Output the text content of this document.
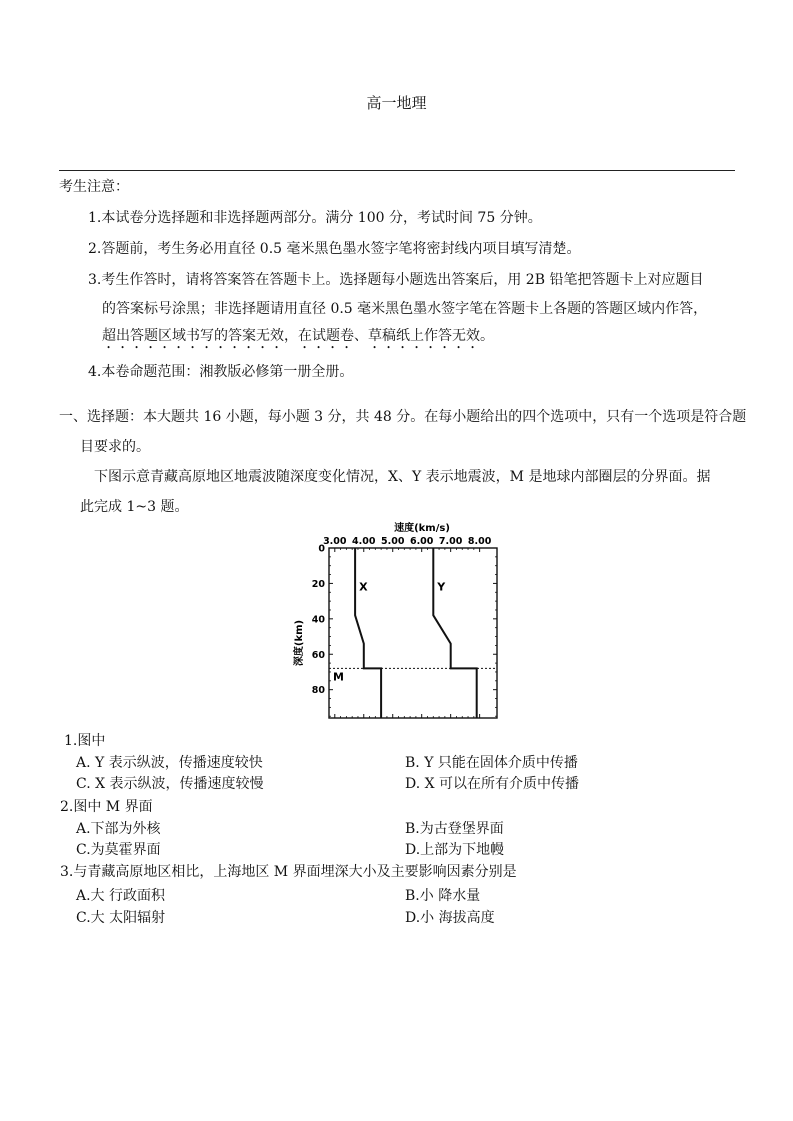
高一地理
考生注意：
1.本试卷分选择题和非选择题两部分。满分 100 分，考试时间 75 分钟。
2.答题前，考生务必用直径 0.5 毫米黑色墨水签字笔将密封线内项目填写清楚。
3.考生作答时，请将答案答在答题卡上。选择题每小题选出答案后，用 2B 铅笔把答题卡上对应题目
的答案标号涂黑；非选择题请用直径 0.5 毫米黑色墨水签字笔在答题卡上各题的答题区域内作答，
超出答题区域书写的答案无效，在试题卷、草稿纸上作答无效。
4.本卷命题范围：湘教版必修第一册全册。
一、选择题：本大题共 16 小题，每小题 3 分，共 48 分。在每小题给出的四个选项中，只有一个选项是符合题
目要求的。
下图示意青藏高原地区地震波随深度变化情况，X、Y 表示地震波，M 是地球内部圈层的分界面。据
此完成 1~3 题。
速度(km/s)
深度(km)
3.00 4.00 5.00 6.00 7.00 8.00
0
20
40
60
80
M
X	Y
1.图中
A. Y 表示纵波，传播速度较快	B. Y 只能在固体介质中传播
C. X 表示纵波，传播速度较慢	D. X 可以在所有介质中传播
2.图中 M 界面
A.下部为外核	B.为古登堡界面
C.为莫霍界面	D.上部为下地幔
3.与青藏高原地区相比，上海地区 M 界面埋深大小及主要影响因素分别是
A.大 行政面积	B.小 降水量
C.大 太阳辐射	D.小 海拔高度
